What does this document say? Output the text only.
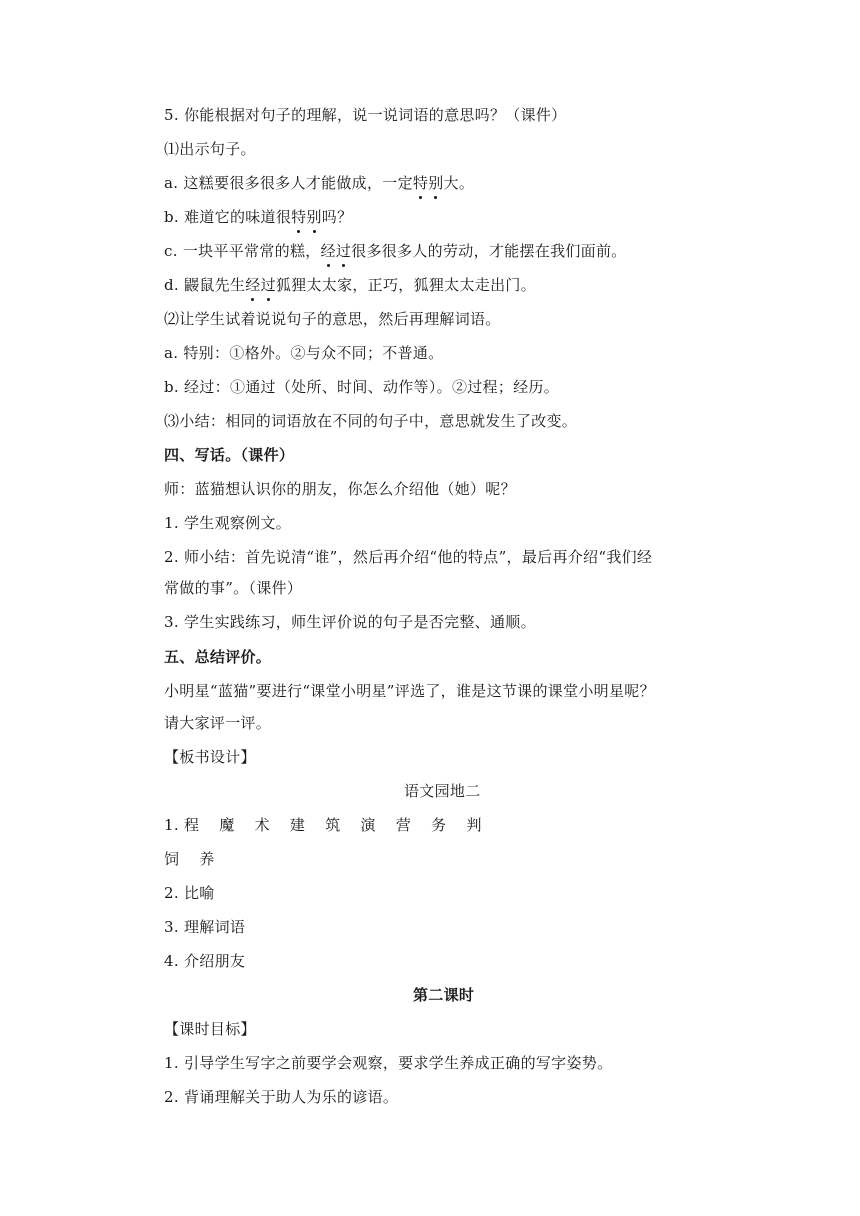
5. 你能根据对句子的理解，说一说词语的意思吗？（课件）
⑴出示句子。
a. 这糕要很多很多人才能做成，一定特别大。
b. 难道它的味道很特别吗？
c. 一块平平常常的糕，经过很多很多人的劳动，才能摆在我们面前。
d. 鼹鼠先生经过狐狸太太家，正巧，狐狸太太走出门。
⑵让学生试着说说句子的意思，然后再理解词语。
a. 特别：①格外。②与众不同；不普通。
b. 经过：①通过（处所、时间、动作等）。②过程；经历。
⑶小结：相同的词语放在不同的句子中，意思就发生了改变。
四、写话。（课件）
师：蓝猫想认识你的朋友，你怎么介绍他（她）呢？
1. 学生观察例文。
2. 师小结：首先说清“谁”，然后再介绍“他的特点”，最后再介绍“我们经
常做的事”。（课件）
3. 学生实践练习，师生评价说的句子是否完整、通顺。
五、总结评价。
小明星“蓝猫”要进行“课堂小明星”评选了，谁是这节课的课堂小明星呢？
请大家评一评。
【板书设计】
语文园地二
1. 程 魔 术 建 筑 演 营 务 判
饲 养
2. 比喻
3. 理解词语
4. 介绍朋友
第二课时
【课时目标】
1. 引导学生写字之前要学会观察，要求学生养成正确的写字姿势。
2. 背诵理解关于助人为乐的谚语。
